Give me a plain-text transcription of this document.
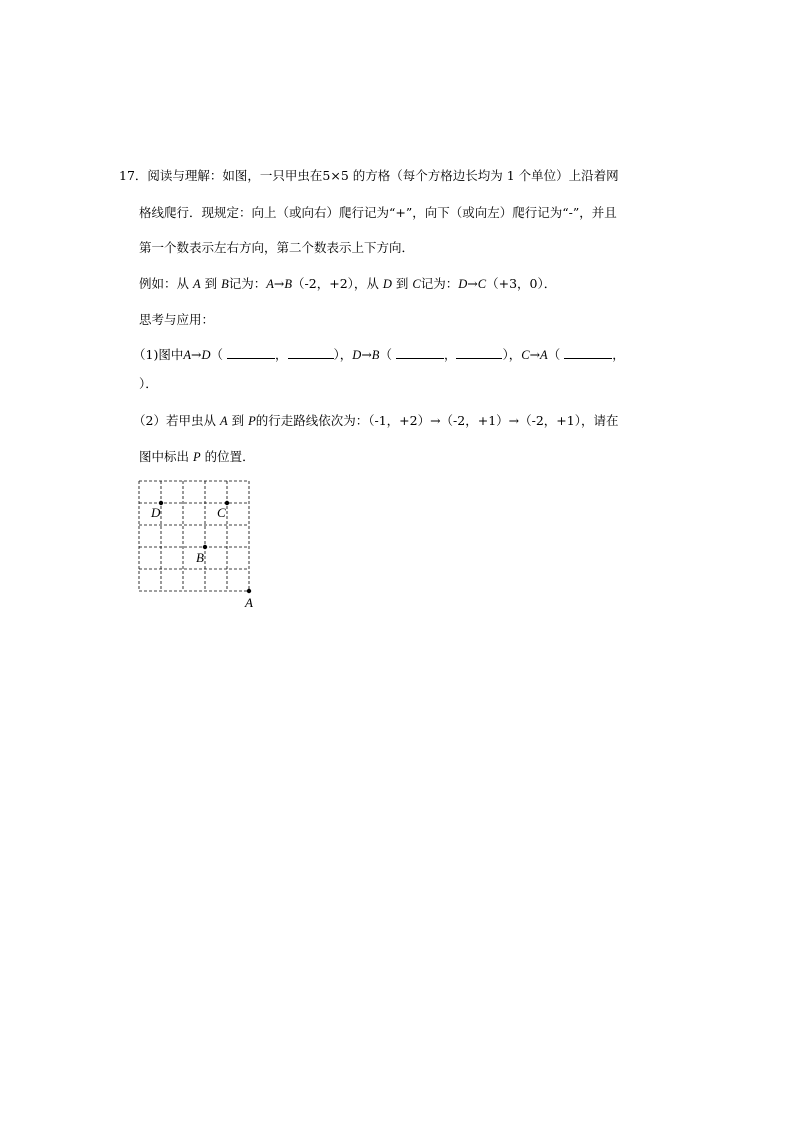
17．阅读与理解：如图，一只甲虫在5×5 的方格（每个方格边长均为 1 个单位）上沿着网
格线爬行．现规定：向上（或向右）爬行记为“+”，向下（或向左）爬行记为“-”，并且
第一个数表示左右方向，第二个数表示上下方向．
例如：从 A 到 B记为：A→B（-2，+2），从 D 到 C记为：D→C（+3，0）．
思考与应用：
（1)图中A→D（	，	），D→B（	，	），C→A（	，
）．
（2）若甲虫从 A 到 P的行走路线依次为：（-1，+2）→（-2，+1）→（-2，+1），请在
图中标出 P 的位置．
D	C
B
A
